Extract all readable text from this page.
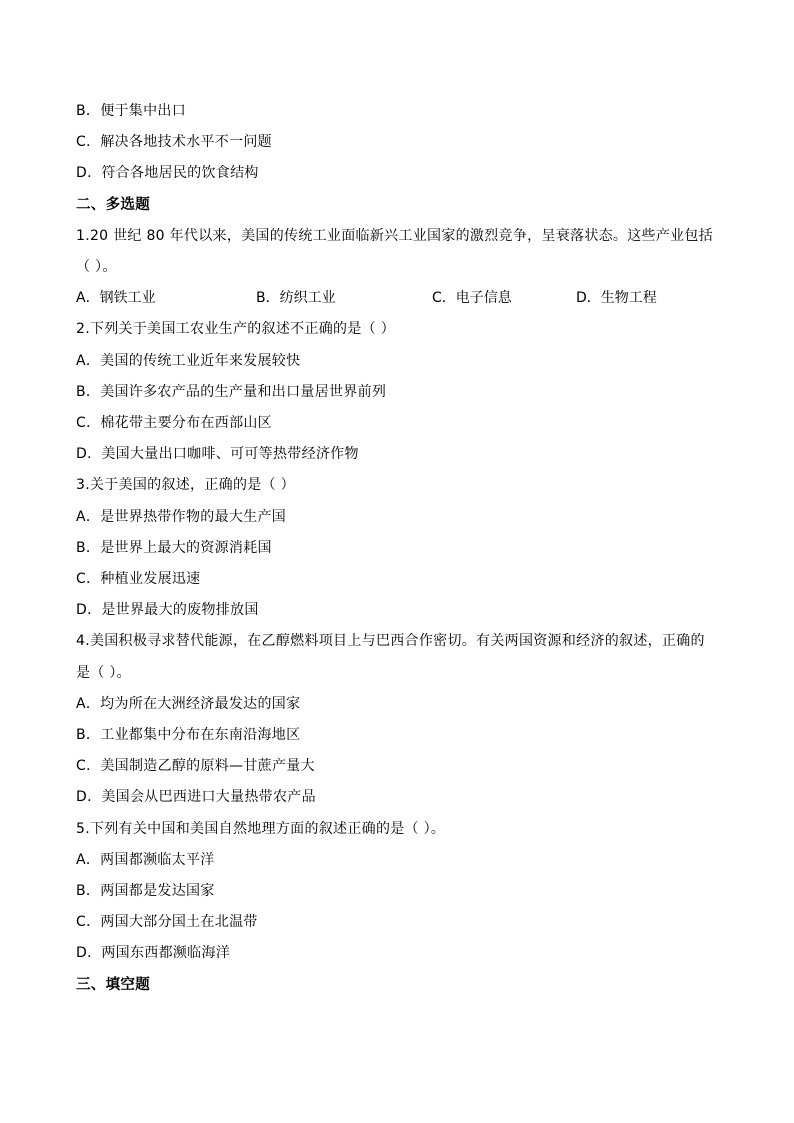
B．便于集中出口
C．解决各地技术水平不一问题
D．符合各地居民的饮食结构
二、多选题
1.20 世纪 80 年代以来，美国的传统工业面临新兴工业国家的激烈竞争，呈衰落状态。这些产业包括
（ ）。
A．钢铁工业	B．纺织工业	C．电子信息	D．生物工程
2.下列关于美国工农业生产的叙述不正确的是（ ）
A．美国的传统工业近年来发展较快
B．美国许多农产品的生产量和出口量居世界前列
C．棉花带主要分布在西部山区
D．美国大量出口咖啡、可可等热带经济作物
3.关于美国的叙述，正确的是（ ）
A．是世界热带作物的最大生产国
B．是世界上最大的资源消耗国
C．种植业发展迅速
D．是世界最大的废物排放国
4.美国积极寻求替代能源，在乙醇燃料项目上与巴西合作密切。有关两国资源和经济的叙述，正确的
是（ ）。
A．均为所在大洲经济最发达的国家
B．工业都集中分布在东南沿海地区
C．美国制造乙醇的原料—甘蔗产量大
D．美国会从巴西进口大量热带农产品
5.下列有关中国和美国自然地理方面的叙述正确的是（ ）。
A．两国都濒临太平洋
B．两国都是发达国家
C．两国大部分国土在北温带
D．两国东西都濒临海洋
三、填空题
